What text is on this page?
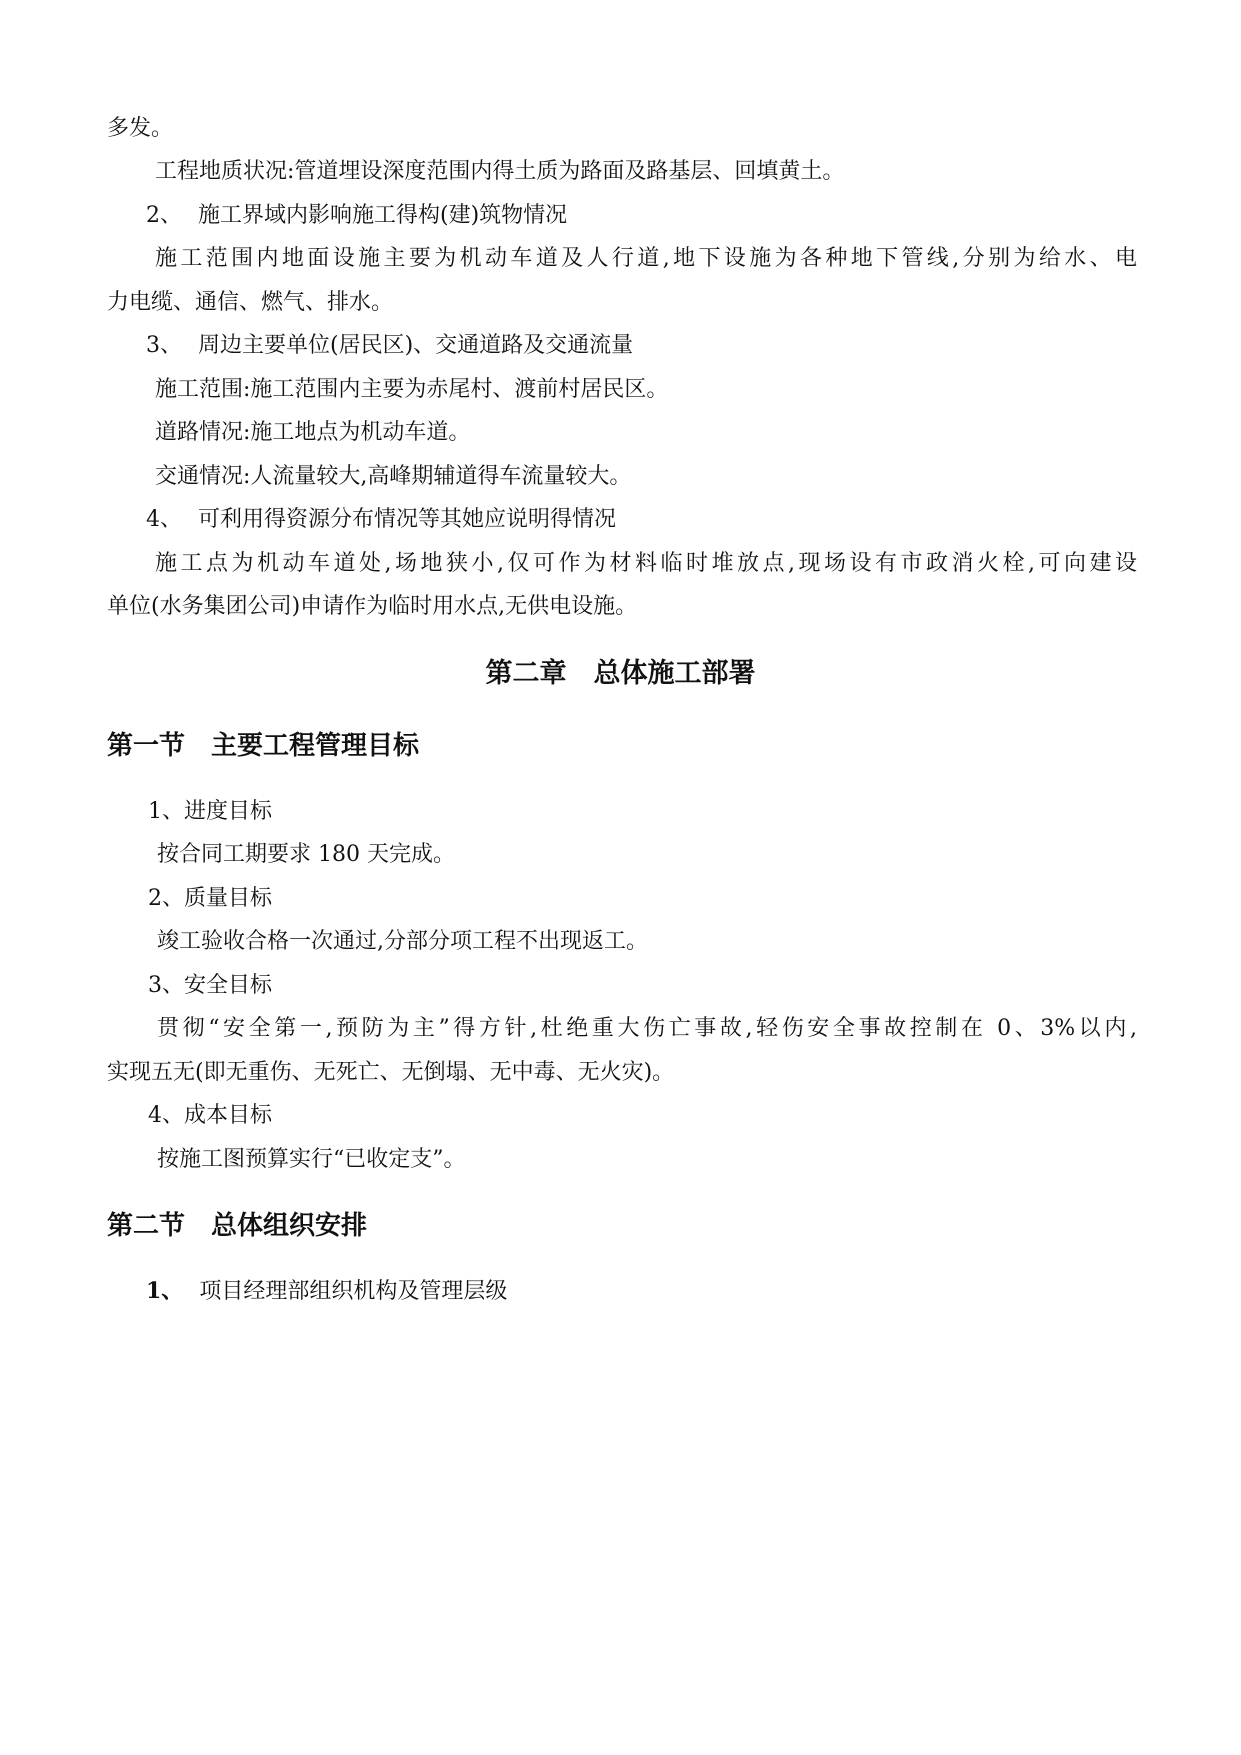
多发。
工程地质状况:管道埋设深度范围内得土质为路面及路基层、回填黄土。
2、 施工界域内影响施工得构(建)筑物情况
施工范围内地面设施主要为机动车道及人行道,地下设施为各种地下管线,分别为给水、电
力电缆、通信、燃气、排水。
3、 周边主要单位(居民区)、交通道路及交通流量
施工范围:施工范围内主要为赤尾村、渡前村居民区。
道路情况:施工地点为机动车道。
交通情况:人流量较大,高峰期辅道得车流量较大。
4、 可利用得资源分布情况等其她应说明得情况
施工点为机动车道处,场地狭小,仅可作为材料临时堆放点,现场设有市政消火栓,可向建设
单位(水务集团公司)申请作为临时用水点,无供电设施。
第二章　总体施工部署
第一节　主要工程管理目标
1、进度目标
按合同工期要求 180 天完成。
2、质量目标
竣工验收合格一次通过,分部分项工程不出现返工。
3、安全目标
贯彻“安全第一,预防为主”得方针,杜绝重大伤亡事故,轻伤安全事故控制在 0、3%以内,
实现五无(即无重伤、无死亡、无倒塌、无中毒、无火灾)。
4、成本目标
按施工图预算实行“已收定支”。
第二节　总体组织安排
1、 项目经理部组织机构及管理层级
